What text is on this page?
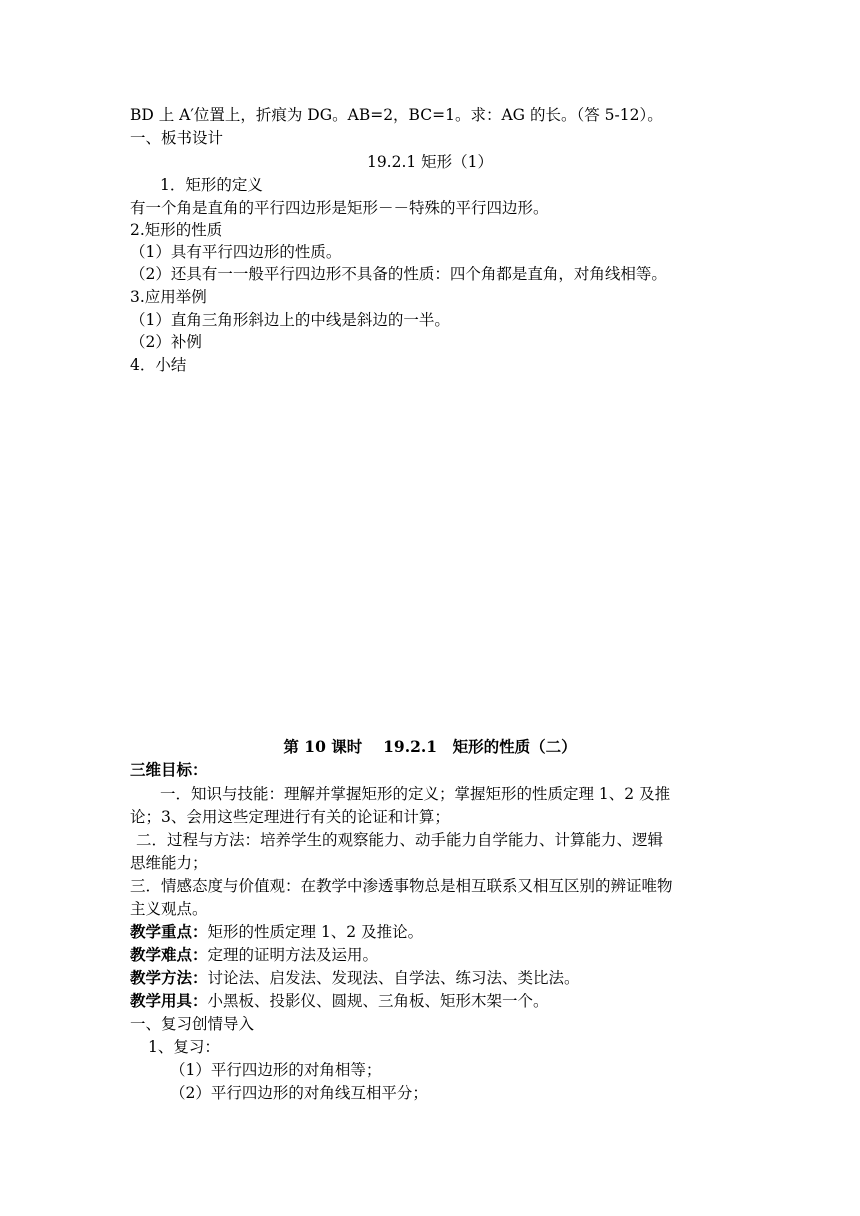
BD 上 A′位置上，折痕为 DG。AB=2，BC=1。求：AG 的长。（答 5-12）。
一、板书设计
19.2.1 矩形（1）
1．矩形的定义
有一个角是直角的平行四边形是矩形－－特殊的平行四边形。
2.矩形的性质
（1）具有平行四边形的性质。
（2）还具有一一般平行四边形不具备的性质：四个角都是直角，对角线相等。
3.应用举例
（1）直角三角形斜边上的中线是斜边的一半。
（2）补例
4．小结
第 10 课时　 19.2.1　矩形的性质（二）
三维目标：
一．知识与技能：理解并掌握矩形的定义；掌握矩形的性质定理 1、2 及推
论；3、会用这些定理进行有关的论证和计算；
二．过程与方法：培养学生的观察能力、动手能力自学能力、计算能力、逻辑
思维能力；
三．情感态度与价值观：在教学中渗透事物总是相互联系又相互区别的辨证唯物
主义观点。
教学重点：矩形的性质定理 1、2 及推论。
教学难点：定理的证明方法及运用。
教学方法：讨论法、启发法、发现法、自学法、练习法、类比法。
教学用具：小黑板、投影仪、圆规、三角板、矩形木架一个。
一、复习创情导入
1、复习：
（1）平行四边形的对角相等；
（2）平行四边形的对角线互相平分；
